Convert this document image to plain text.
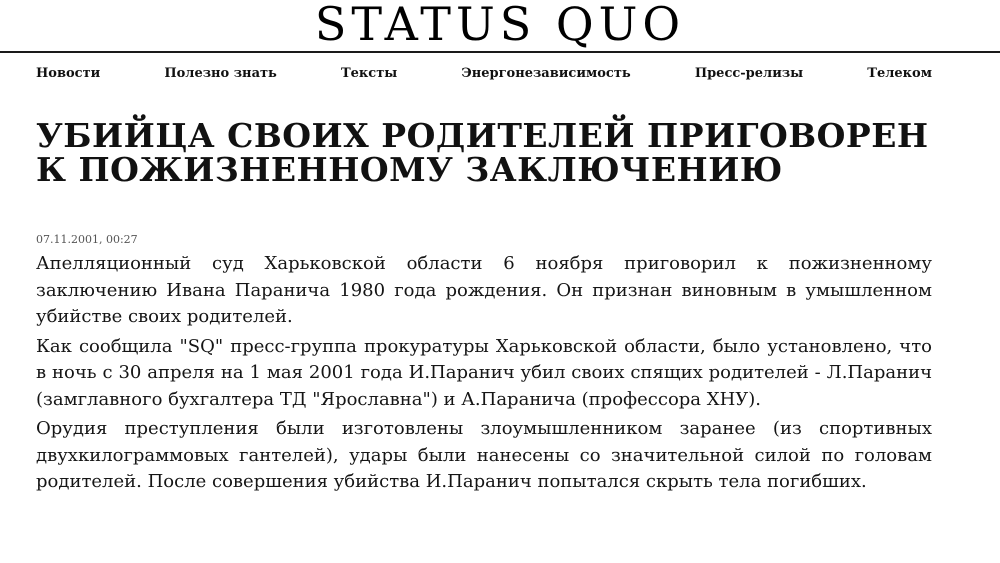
STATUS QUO
Новости	Полезно знать	Тексты	Энергонезависимость	Пресс-релизы	Телеком
УБИЙЦА СВОИХ РОДИТЕЛЕЙ ПРИГОВОРЕН К ПОЖИЗНЕННОМУ ЗАКЛЮЧЕНИЮ
07.11.2001, 00:27

Апелляционный суд Харьковской области 6 ноября приговорил к пожизненному заключению Ивана Паранича 1980 года рождения. Он признан виновным в умышленном убийстве своих родителей.

Как сообщила "SQ" пресс-группа прокуратуры Харьковской области, было установлено, что в ночь с 30 апреля на 1 мая 2001 года И.Паранич убил своих спящих родителей - Л.Паранич (замглавного бухгалтера ТД "Ярославна") и А.Паранича (профессора ХНУ).

Орудия преступления были изготовлены злоумышленником заранее (из спортивных двухкилограммовых гантелей), удары были нанесены со значительной силой по головам родителей. После совершения убийства И.Паранич попытался скрыть тела погибших.
